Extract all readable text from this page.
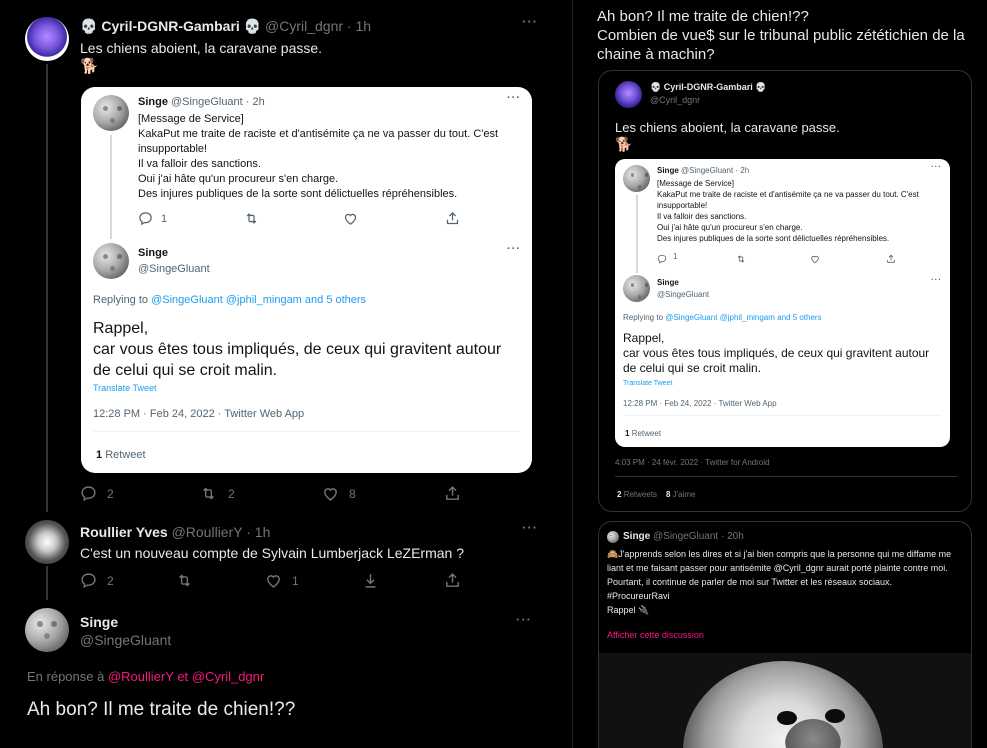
💀 Cyril-DGNR-Gambari 💀 @Cyril_dgnr · 1h	···
Les chiens aboient, la caravane passe.
🐕
Singe @SingeGluant · 2h	···
[Message de Service]
KakaPut me traite de raciste et d'antisémite ça ne va passer du tout. C'est insupportable!
Il va falloir des sanctions.
Oui j'ai hâte qu'un procureur s'en charge.
Des injures publiques de la sorte sont délictuelles répréhensibles.
1
Singe
@SingeGluant
···
Replying to @SingeGluant @jphil_mingam and 5 others
Rappel,
car vous êtes tous impliqués, de ceux qui gravitent autour de celui qui se croit malin.
Translate Tweet
12:28 PM · Feb 24, 2022 · Twitter Web App
1 Retweet
2	2	8
Roullier Yves @RoullierY · 1h	···
C'est un nouveau compte de Sylvain Lumberjack LeZErman ?
2	1
Singe
@SingeGluant
···
En réponse à @RoullierY et @Cyril_dgnr
Ah bon? Il me traite de chien!??
Ah bon? Il me traite de chien!??
Combien de vue$ sur le tribunal public zététichien de la chaine à machin?
💀 Cyril-DGNR-Gambari 💀
@Cyril_dgnr
Les chiens aboient, la caravane passe.
🐕
Singe @SingeGluant · 2h	···
[Message de Service]
KakaPut me traite de raciste et d'antisémite ça ne va passer du tout. C'est insupportable!
Il va falloir des sanctions.
Oui j'ai hâte qu'un procureur s'en charge.
Des injures publiques de la sorte sont délictuelles répréhensibles.
1
Singe
@SingeGluant
···
Replying to @SingeGluant @jphil_mingam and 5 others
Rappel,
car vous êtes tous impliqués, de ceux qui gravitent autour de celui qui se croit malin.
Translate Tweet
12:28 PM · Feb 24, 2022 · Twitter Web App
1 Retweet
4:03 PM · 24 févr. 2022 · Twitter for Android
2 Retweets 8 J'aime
Singe @SingeGluant · 20h
🙈J'apprends selon les dires et si j'ai bien compris que la personne qui me diffame me liant et me faisant passer pour antisémite @Cyril_dgnr aurait porté plainte contre moi. Pourtant, il continue de parler de moi sur Twitter et les réseaux sociaux.
#ProcureurRavi
Rappel 🔌
Afficher cette discussion
